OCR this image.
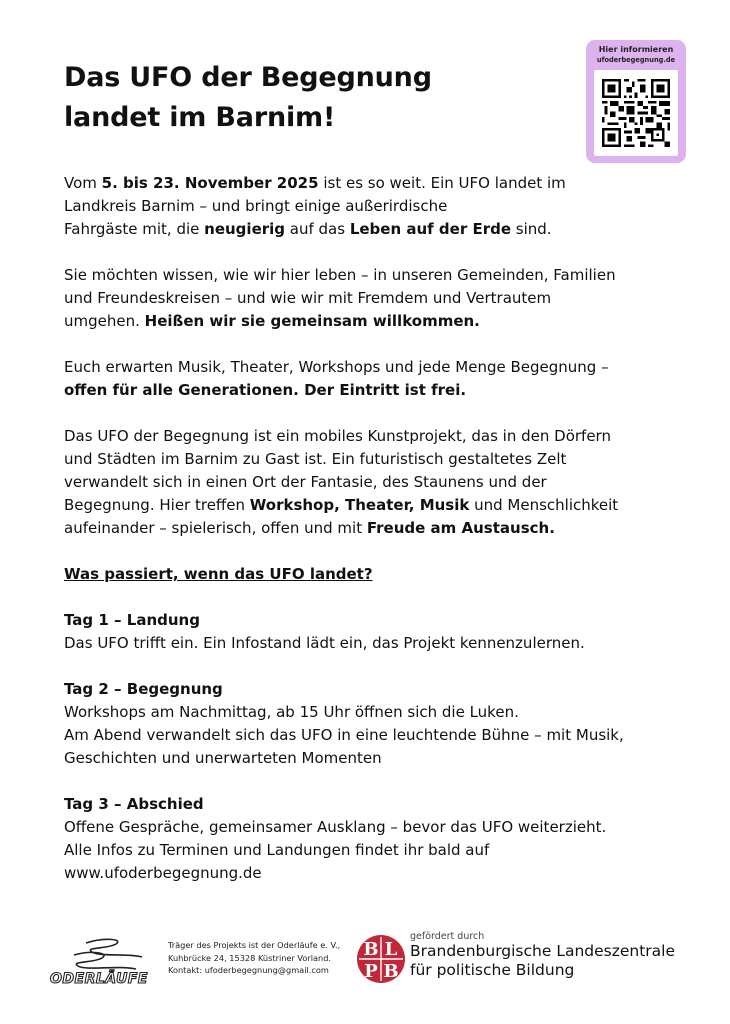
Das UFO der Begegnung
landet im Barnim!
Hier informieren
ufoderbegegnung.de

Vom 5. bis 23. November 2025 ist es so weit. Ein UFO landet im
Landkreis Barnim – und bringt einige außerirdische
Fahrgäste mit, die neugierig auf das Leben auf der Erde sind.

Sie möchten wissen, wie wir hier leben – in unseren Gemeinden, Familien
und Freundeskreisen – und wie wir mit Fremdem und Vertrautem
umgehen. Heißen wir sie gemeinsam willkommen.

Euch erwarten Musik, Theater, Workshops und jede Menge Begegnung –
offen für alle Generationen. Der Eintritt ist frei.

Das UFO der Begegnung ist ein mobiles Kunstprojekt, das in den Dörfern
und Städten im Barnim zu Gast ist. Ein futuristisch gestaltetes Zelt
verwandelt sich in einen Ort der Fantasie, des Staunens und der
Begegnung. Hier treffen Workshop, Theater, Musik und Menschlichkeit
aufeinander – spielerisch, offen und mit Freude am Austausch.

Was passiert, wenn das UFO landet?

Tag 1 – Landung
Das UFO trifft ein. Ein Infostand lädt ein, das Projekt kennenzulernen.

Tag 2 – Begegnung
Workshops am Nachmittag, ab 15 Uhr öffnen sich die Luken.
Am Abend verwandelt sich das UFO in eine leuchtende Bühne – mit Musik,
Geschichten und unerwarteten Momenten

Tag 3 – Abschied
Offene Gespräche, gemeinsamer Ausklang – bevor das UFO weiterzieht.
Alle Infos zu Terminen und Landungen findet ihr bald auf
www.ufoderbegegnung.de

ODERLÄUFE
Träger des Projekts ist der Oderläufe e. V.,
Kuhbrücke 24, 15328 Küstriner Vorland.
Kontakt: ufoderbegegnung@gmail.com
B L
P B
gefördert durch
Brandenburgische Landeszentrale
für politische Bildung
